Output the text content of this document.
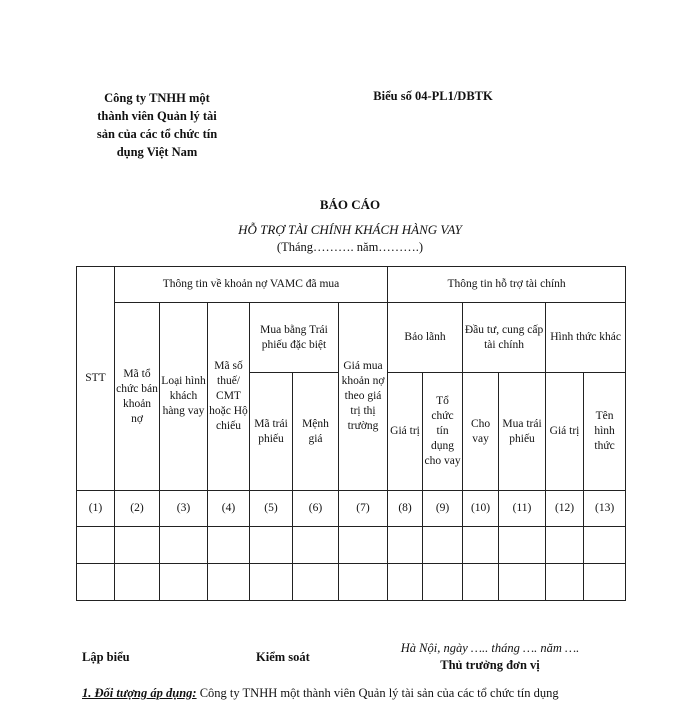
Công ty TNHH một
thành viên Quản lý tài
sản của các tổ chức tín
dụng Việt Nam
Biểu số 04-PL1/DBTK
BÁO CÁO
HỖ TRỢ TÀI CHÍNH KHÁCH HÀNG VAY
(Tháng………. năm……….)
STT	Thông tin về khoản nợ VAMC đã mua						Thông tin hỗ trợ tài chính					
	Mã tổ chức bán khoản nợ	Loại hình khách hàng vay	Mã số thuế/ CMT hoặc Hộ chiếu	Mua bằng Trái phiếu đặc biệt		Giá mua khoản nợ theo giá trị thị trường	Bảo lãnh		Đầu tư, cung cấp tài chính		Hình thức khác	
				Mã trái phiếu	Mệnh giá		Giá trị	Tổ chức tín dụng cho vay	Cho vay	Mua trái phiếu	Giá trị	Tên hình thức

(1)	(2)	(3)	(4)	(5)	(6)	(7)	(8)	(9)	(10)	(11)	(12)	(13)

Lập biểu	Kiểm soát
Hà Nội, ngày ….. tháng …. năm ….
Thủ trưởng đơn vị
1. Đối tượng áp dụng: Công ty TNHH một thành viên Quản lý tài sản của các tổ chức tín dụng
